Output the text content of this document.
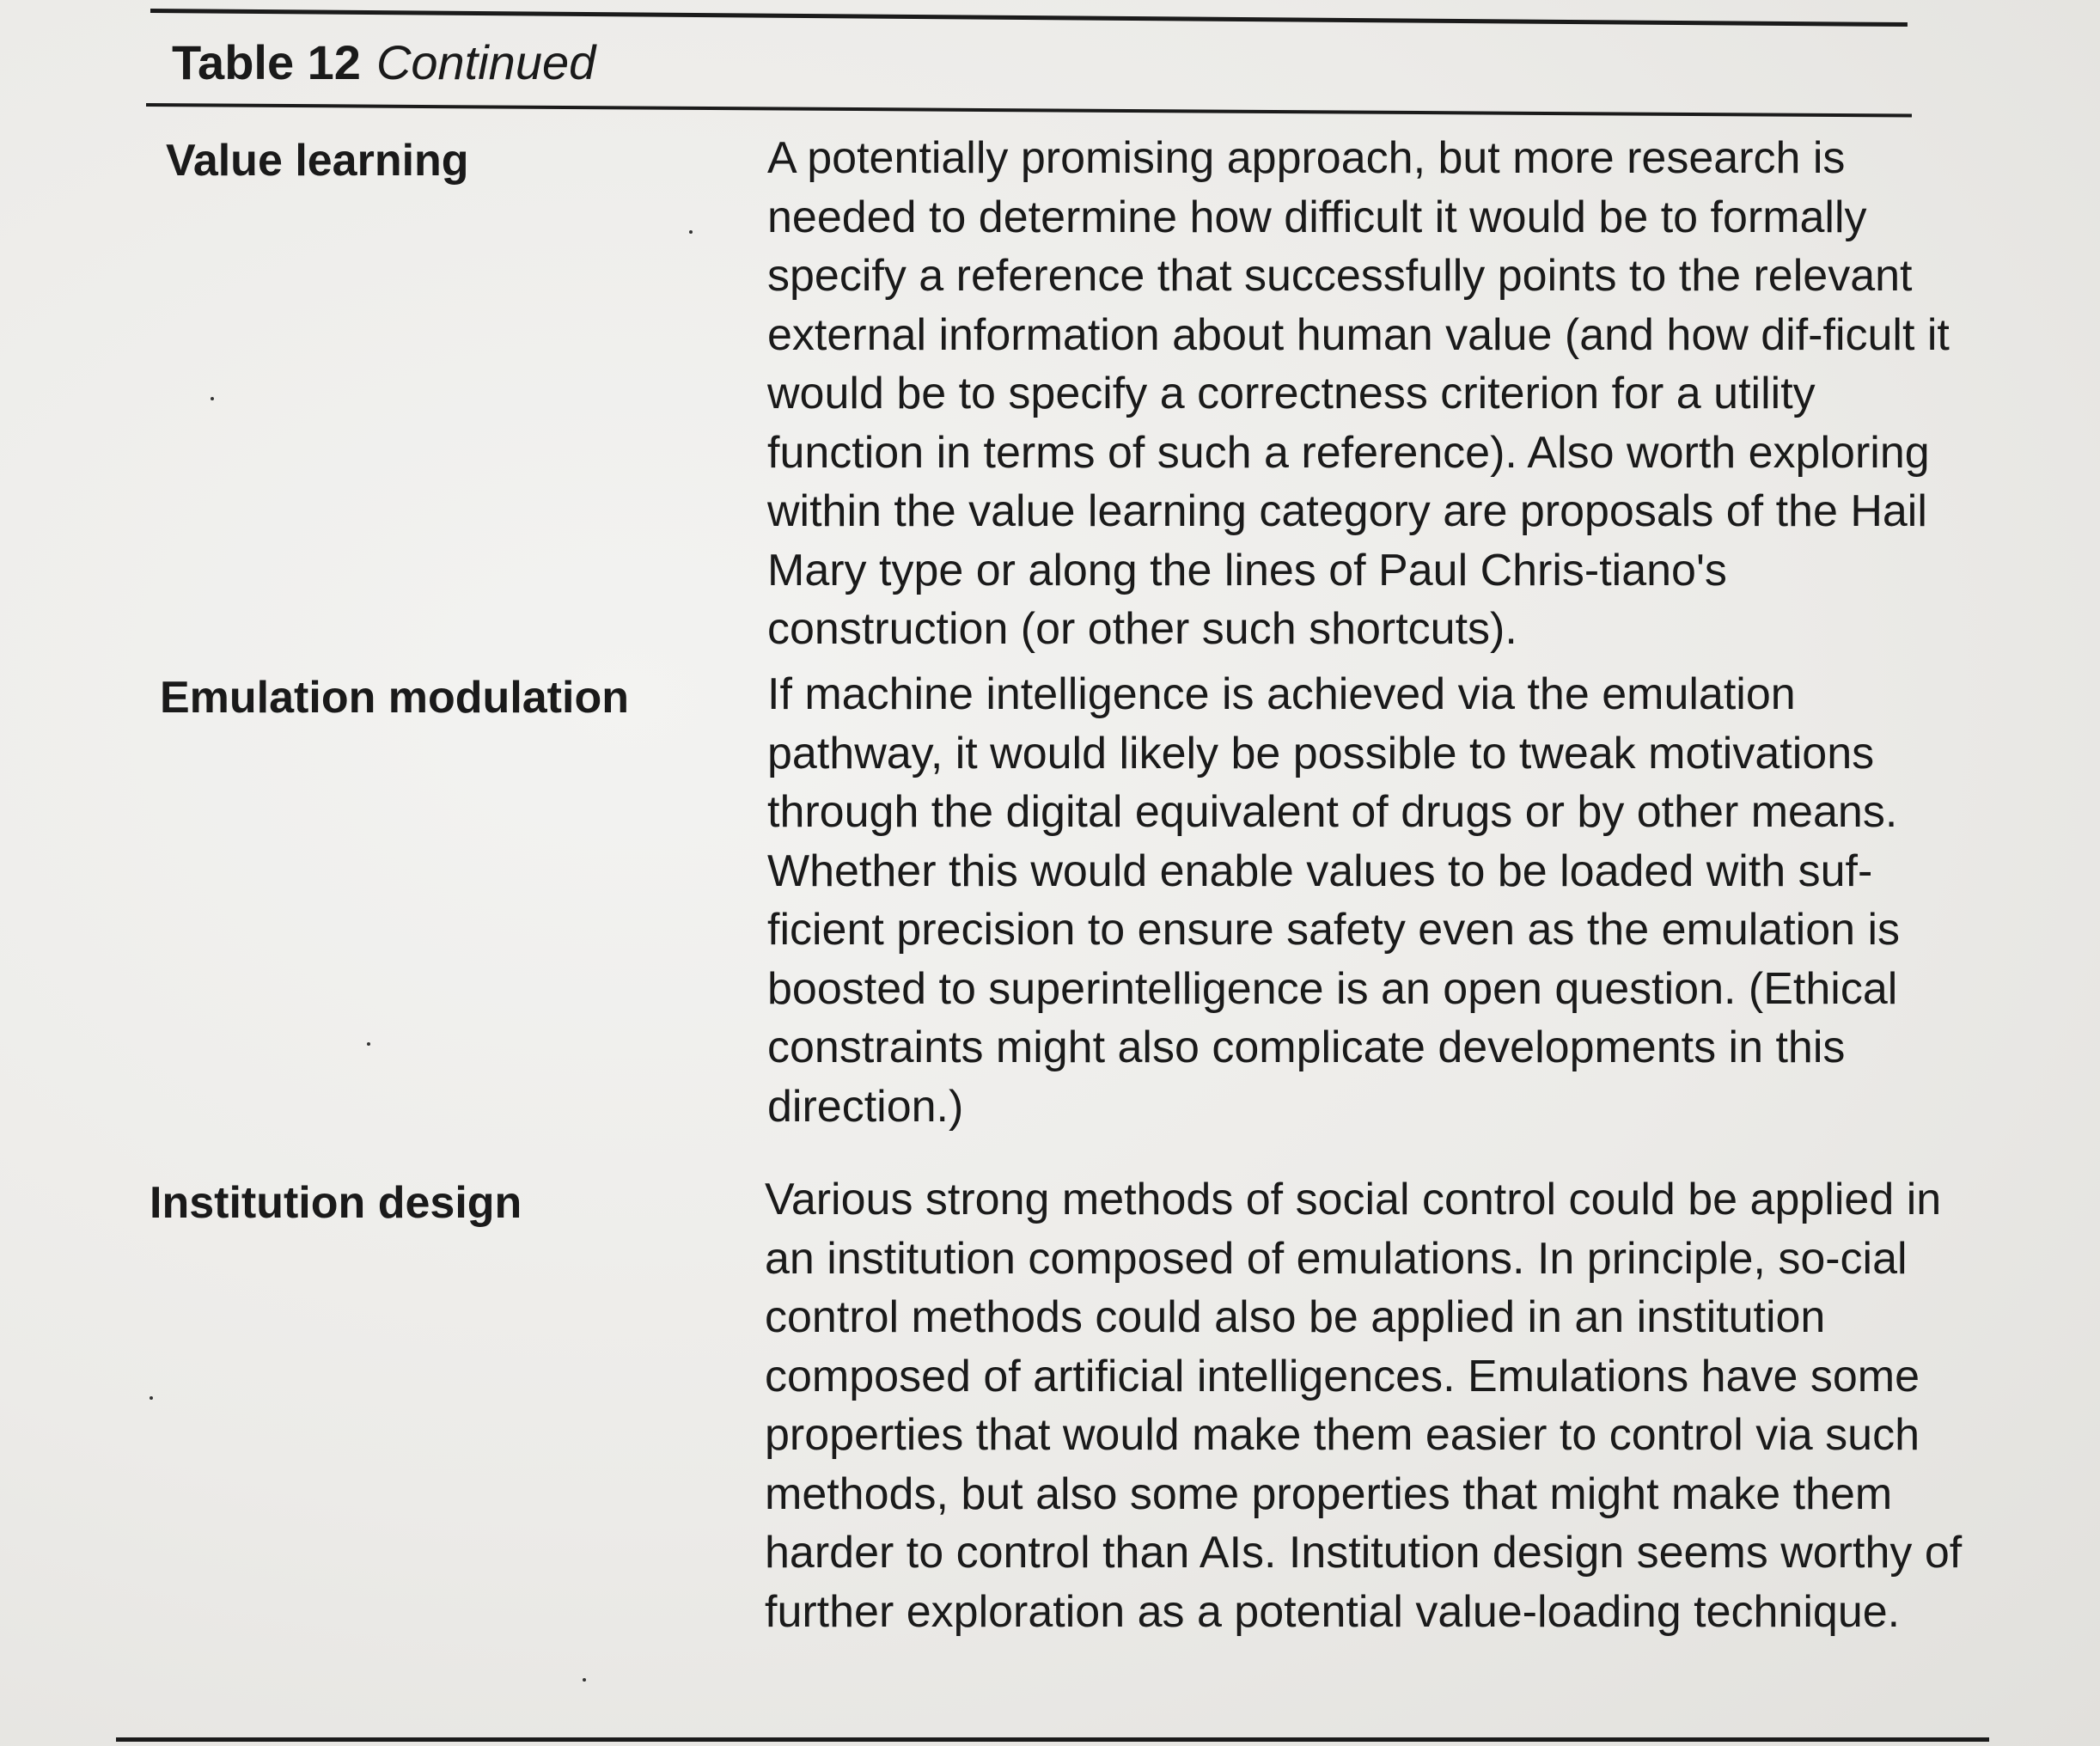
Table 12 Continued
Value learning	A potentially promising approach, but more research is needed to determine how difficult it would be to formally specify a reference that successfully points to the relevant external information about human value (and how dif-ficult it would be to specify a correctness criterion for a utility function in terms of such a reference). Also worth exploring within the value learning category are proposals of the Hail Mary type or along the lines of Paul Chris-tiano's construction (or other such shortcuts).
Emulation modulation	If machine intelligence is achieved via the emulation pathway, it would likely be possible to tweak motivations through the digital equivalent of drugs or by other means. Whether this would enable values to be loaded with suf-ficient precision to ensure safety even as the emulation is boosted to superintelligence is an open question. (Ethical constraints might also complicate developments in this direction.)
Institution design	Various strong methods of social control could be applied in an institution composed of emulations. In principle, so-cial control methods could also be applied in an institution composed of artificial intelligences. Emulations have some properties that would make them easier to control via such methods, but also some properties that might make them harder to control than AIs. Institution design seems worthy of further exploration as a potential value-loading technique.
